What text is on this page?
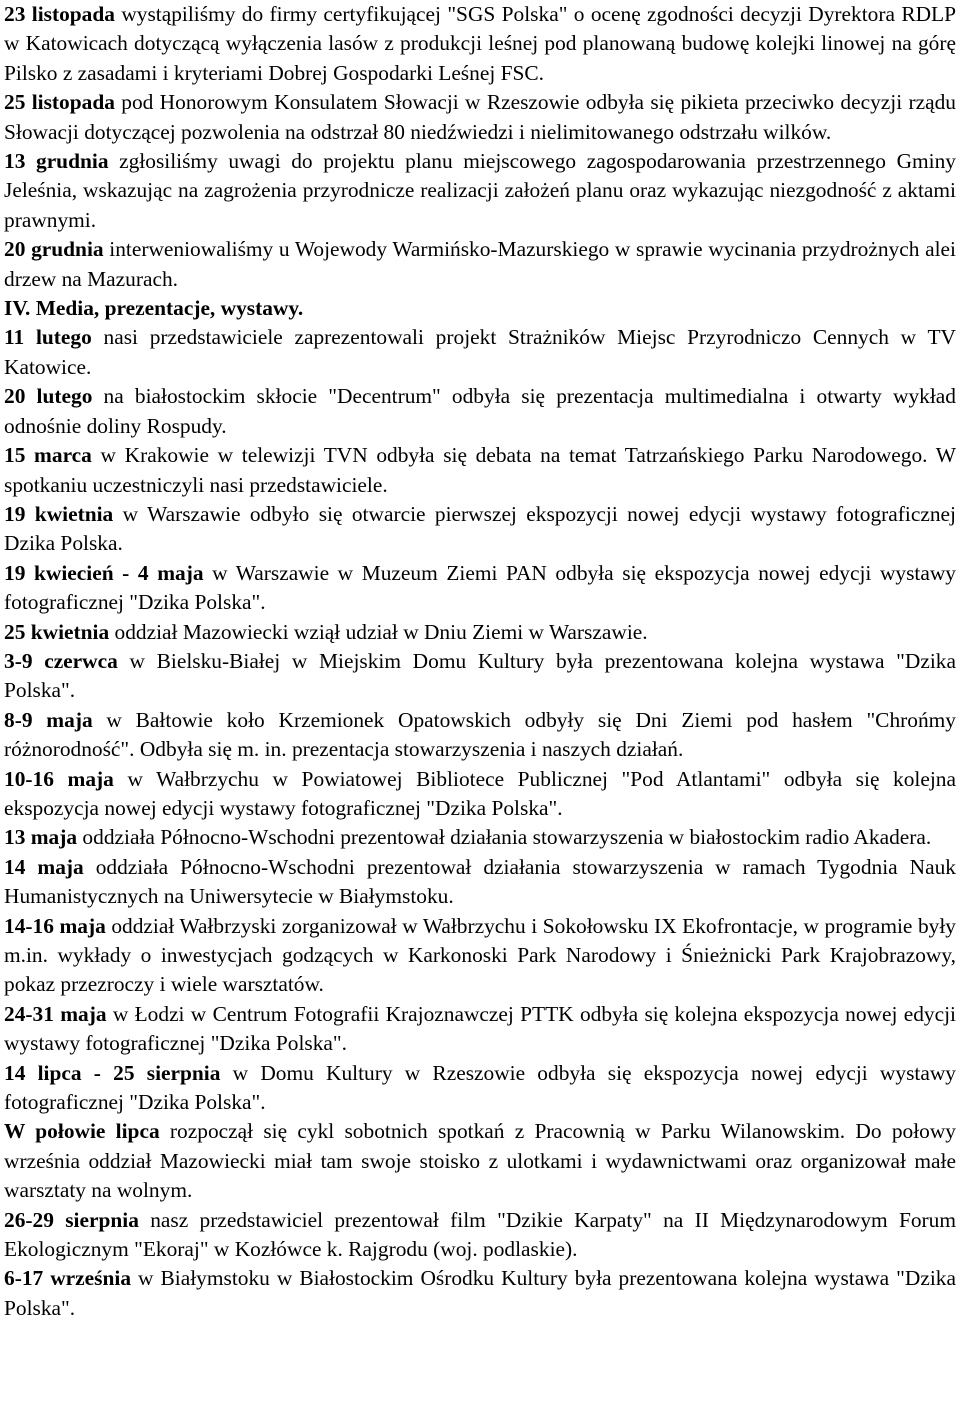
23 listopada wystąpiliśmy do firmy certyfikującej "SGS Polska" o ocenę zgodności decyzji Dyrektora RDLP w Katowicach dotyczącą wyłączenia lasów z produkcji leśnej pod planowaną budowę kolejki linowej na górę Pilsko z zasadami i kryteriami Dobrej Gospodarki Leśnej FSC.

25 listopada pod Honorowym Konsulatem Słowacji w Rzeszowie odbyła się pikieta przeciwko decyzji rządu Słowacji dotyczącej pozwolenia na odstrzał 80 niedźwiedzi i nielimitowanego odstrzału wilków.

13 grudnia zgłosiliśmy uwagi do projektu planu miejscowego zagospodarowania przestrzennego Gminy Jeleśnia, wskazując na zagrożenia przyrodnicze realizacji założeń planu oraz wykazując niezgodność z aktami prawnymi.

20 grudnia interweniowaliśmy u Wojewody Warmińsko-Mazurskiego w sprawie wycinania przydrożnych alei drzew na Mazurach.

IV. Media, prezentacje, wystawy.

11 lutego nasi przedstawiciele zaprezentowali projekt Strażników Miejsc Przyrodniczo Cennych w TV Katowice.

20 lutego na białostockim skłocie "Decentrum" odbyła się prezentacja multimedialna i otwarty wykład odnośnie doliny Rospudy.

15 marca w Krakowie w telewizji TVN odbyła się debata na temat Tatrzańskiego Parku Narodowego. W spotkaniu uczestniczyli nasi przedstawiciele.

19 kwietnia w Warszawie odbyło się otwarcie pierwszej ekspozycji nowej edycji wystawy fotograficznej Dzika Polska.

19 kwiecień - 4 maja w Warszawie w Muzeum Ziemi PAN odbyła się ekspozycja nowej edycji wystawy fotograficznej "Dzika Polska".

25 kwietnia oddział Mazowiecki wziął udział w Dniu Ziemi w Warszawie.

3-9 czerwca w Bielsku-Białej w Miejskim Domu Kultury była prezentowana kolejna wystawa "Dzika Polska".

8-9 maja w Bałtowie koło Krzemionek Opatowskich odbyły się Dni Ziemi pod hasłem "Chrońmy różnorodność". Odbyła się m. in. prezentacja stowarzyszenia i naszych działań.

10-16 maja w Wałbrzychu w Powiatowej Bibliotece Publicznej "Pod Atlantami" odbyła się kolejna ekspozycja nowej edycji wystawy fotograficznej "Dzika Polska".

13 maja oddziała Północno-Wschodni prezentował działania stowarzyszenia w białostockim radio Akadera.

14 maja oddziała Północno-Wschodni prezentował działania stowarzyszenia w ramach Tygodnia Nauk Humanistycznych na Uniwersytecie w Białymstoku.

14-16 maja oddział Wałbrzyski zorganizował w Wałbrzychu i Sokołowsku IX Ekofrontacje, w programie były m.in. wykłady o inwestycjach godzących w Karkonoski Park Narodowy i Śnieżnicki Park Krajobrazowy, pokaz przezroczy i wiele warsztatów.

24-31 maja w Łodzi w Centrum Fotografii Krajoznawczej PTTK odbyła się kolejna ekspozycja nowej edycji wystawy fotograficznej "Dzika Polska".

14 lipca - 25 sierpnia w Domu Kultury w Rzeszowie odbyła się ekspozycja nowej edycji wystawy fotograficznej "Dzika Polska".

W połowie lipca rozpoczął się cykl sobotnich spotkań z Pracownią w Parku Wilanowskim. Do połowy września oddział Mazowiecki miał tam swoje stoisko z ulotkami i wydawnictwami oraz organizował małe warsztaty na wolnym.

26-29 sierpnia nasz przedstawiciel prezentował film "Dzikie Karpaty" na II Międzynarodowym Forum Ekologicznym "Ekoraj" w Kozłówce k. Rajgrodu (woj. podlaskie).

6-17 września w Białymstoku w Białostockim Ośrodku Kultury była prezentowana kolejna wystawa "Dzika Polska".
